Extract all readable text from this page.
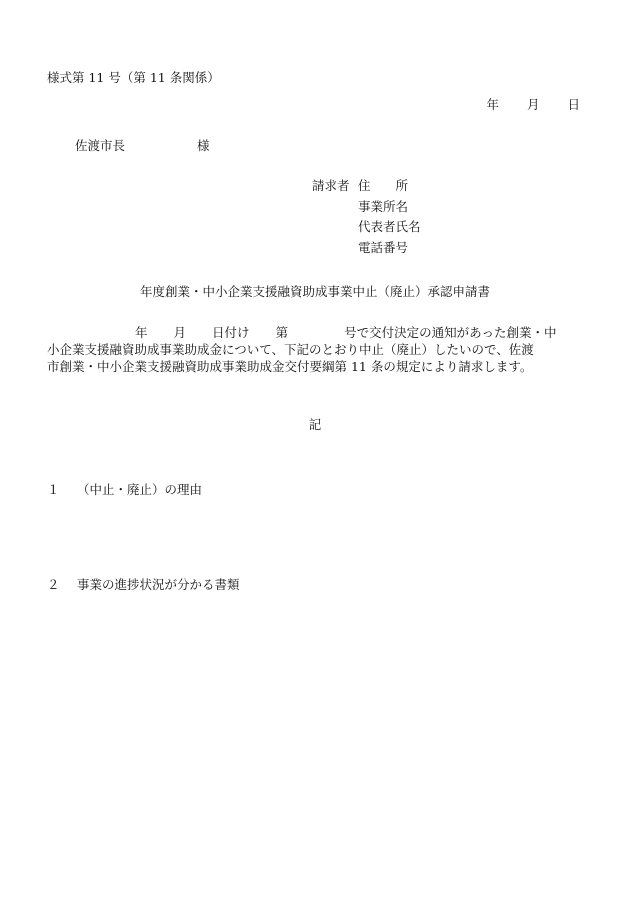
様式第 11 号（第 11 条関係）
年 月 日
佐渡市長	様
請求者 住　　所
事業所名
代表者氏名
電話番号
年度創業・中小企業支援融資助成事業中止（廃止）承認申請書
年 月 日付け 第	号で交付決定の通知があった創業・中
小企業支援融資助成事業助成金について、下記のとおり中止（廃止）したいので、佐渡
市創業・中小企業支援融資助成事業助成金交付要綱第 11 条の規定により請求します。
記
１ （中止・廃止）の理由
２ 事業の進捗状況が分かる書類
